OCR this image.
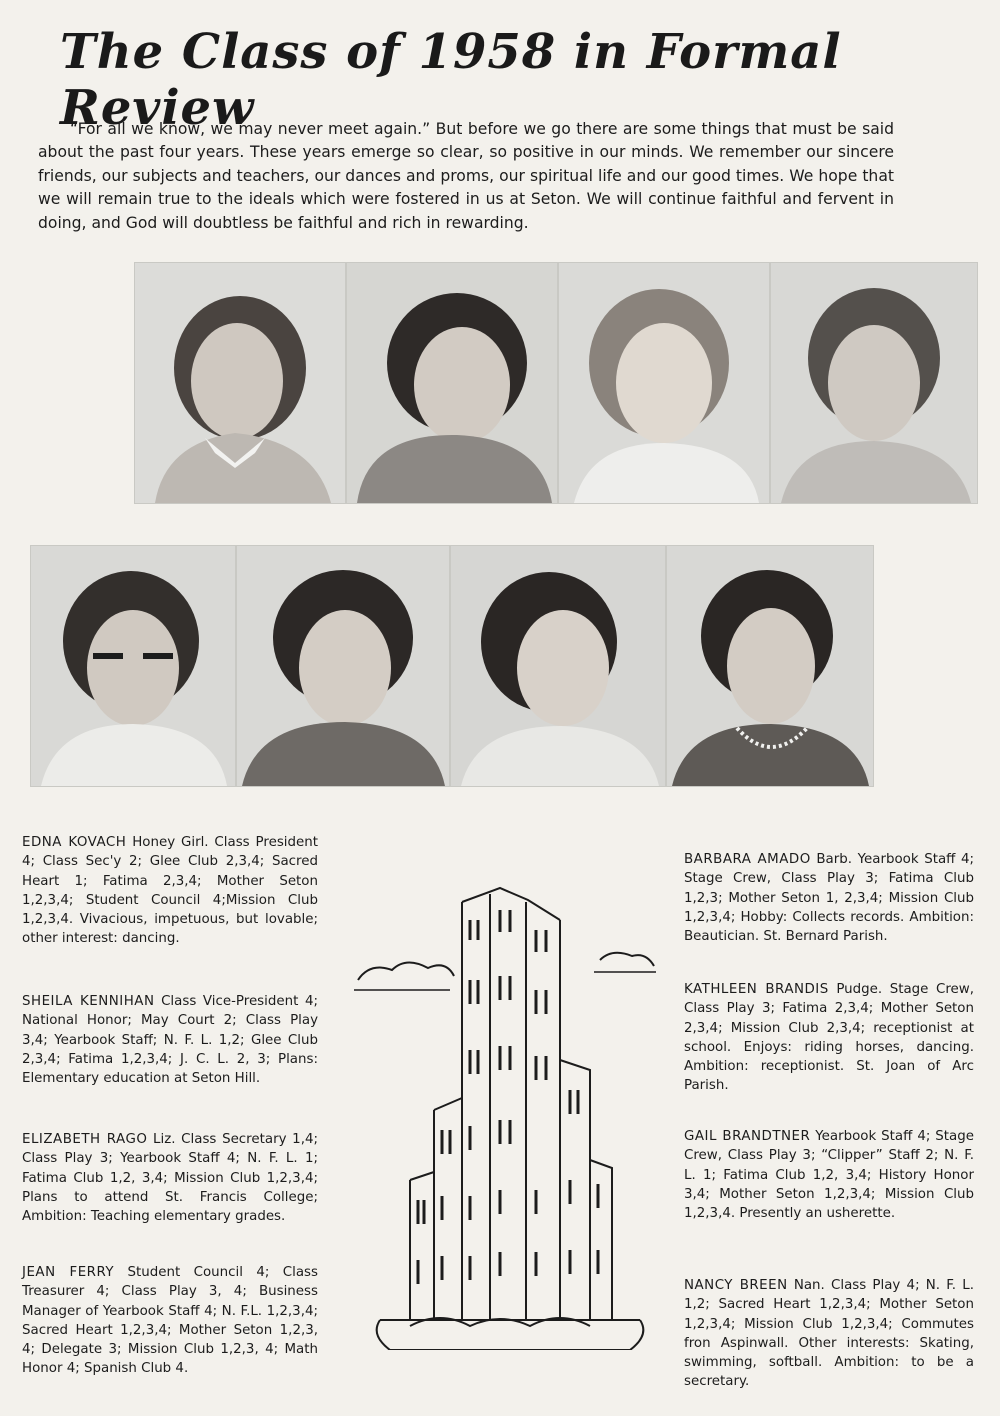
The Class of 1958 in Formal Review

“For all we know, we may never meet again.” But before we go there are some things that must be said about the past four years. These years emerge so clear, so positive in our minds. We remember our sincere friends, our subjects and teachers, our dances and proms, our spiritual life and our good times. We hope that we will remain true to the ideals which were fostered in us at Seton. We will continue faithful and fervent in doing, and God will doubtless be faithful and rich in rewarding.

EDNA KOVACH Honey Girl. Class President 4; Class Sec'y 2; Glee Club 2,3,4; Sacred Heart 1; Fatima 2,3,4; Mother Seton 1,2,3,4; Student Council 4;Mission Club 1,2,3,4. Vivacious, impetuous, but lovable; other interest: dancing.

SHEILA KENNIHAN Class Vice-President 4; National Honor; May Court 2; Class Play 3,4; Yearbook Staff; N. F. L. 1,2; Glee Club 2,3,4; Fatima 1,2,3,4; J. C. L. 2, 3; Plans: Elementary education at Seton Hill.

ELIZABETH RAGO Liz. Class Secretary 1,4; Class Play 3; Yearbook Staff 4; N. F. L. 1; Fatima Club 1,2, 3,4; Mission Club 1,2,3,4; Plans to attend St. Francis College; Ambition: Teaching elementary grades.

JEAN FERRY Student Council 4; Class Treasurer 4; Class Play 3, 4; Business Manager of Yearbook Staff 4; N. F.L. 1,2,3,4; Sacred Heart 1,2,3,4; Mother Seton 1,2,3, 4; Delegate 3; Mission Club 1,2,3, 4; Math Honor 4; Spanish Club 4.

BARBARA AMADO Barb. Yearbook Staff 4; Stage Crew, Class Play 3; Fatima Club 1,2,3; Mother Seton 1, 2,3,4; Mission Club 1,2,3,4; Hobby: Collects records. Ambition: Beautician. St. Bernard Parish.

KATHLEEN BRANDIS Pudge. Stage Crew, Class Play 3; Fatima 2,3,4; Mother Seton 2,3,4; Mission Club 2,3,4; receptionist at school. Enjoys: riding horses, dancing. Ambition: receptionist. St. Joan of Arc Parish.

GAIL BRANDTNER Yearbook Staff 4; Stage Crew, Class Play 3; “Clipper” Staff 2; N. F. L. 1; Fatima Club 1,2, 3,4; History Honor 3,4; Mother Seton 1,2,3,4; Mission Club 1,2,3,4. Presently an usherette.

NANCY BREEN Nan. Class Play 4; N. F. L. 1,2; Sacred Heart 1,2,3,4; Mother Seton 1,2,3,4; Mission Club 1,2,3,4; Commutes fron Aspinwall. Other interests: Skating, swimming, softball. Ambition: to be a secretary.
